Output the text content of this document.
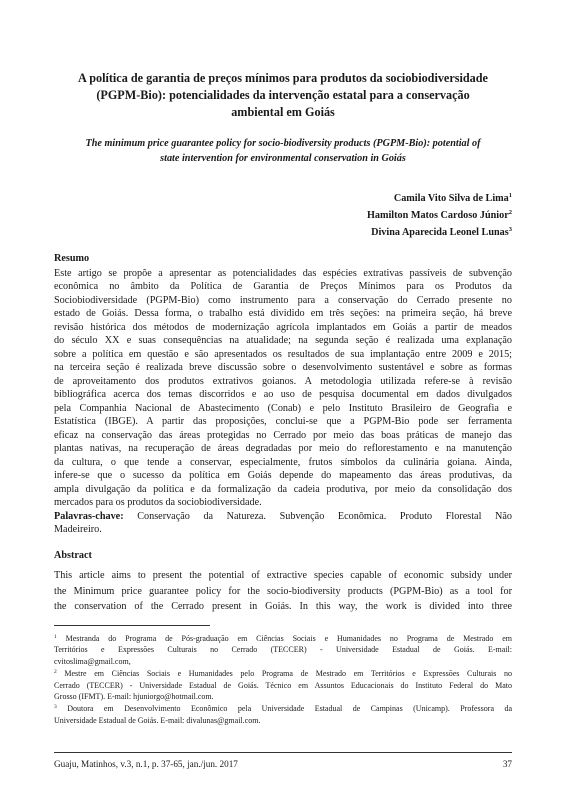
A política de garantia de preços mínimos para produtos da sociobiodiversidade
(PGPM-Bio): potencialidades da intervenção estatal para a conservação
ambiental em Goiás
The minimum price guarantee policy for socio-biodiversity products (PGPM-Bio): potential of
state intervention for environmental conservation in Goiás
Camila Vito Silva de Lima$^1$
Hamilton Matos Cardoso Júnior$^2$
Divina Aparecida Leonel Lunas$^3$
Resumo
Este artigo se propõe a apresentar as potencialidades das espécies extrativas passíveis de subvenção
econômica no âmbito da Política de Garantia de Preços Mínimos para os Produtos da
Sociobiodiversidade (PGPM-Bio) como instrumento para a conservação do Cerrado presente no
estado de Goiás. Dessa forma, o trabalho está dividido em três seções: na primeira seção, há breve
revisão histórica dos métodos de modernização agrícola implantados em Goiás a partir de meados
do século XX e suas consequências na atualidade; na segunda seção é realizada uma explanação
sobre a política em questão e são apresentados os resultados de sua implantação entre 2009 e 2015;
na terceira seção é realizada breve discussão sobre o desenvolvimento sustentável e sobre as formas
de aproveitamento dos produtos extrativos goianos. A metodologia utilizada refere-se à revisão
bibliográfica acerca dos temas discorridos e ao uso de pesquisa documental em dados divulgados
pela Companhia Nacional de Abastecimento (Conab) e pelo Instituto Brasileiro de Geografia e
Estatística (IBGE). A partir das proposições, conclui-se que a PGPM-Bio pode ser ferramenta
eficaz na conservação das áreas protegidas no Cerrado por meio das boas práticas de manejo das
plantas nativas, na recuperação de áreas degradadas por meio do reflorestamento e na manutenção
da cultura, o que tende a conservar, especialmente, frutos símbolos da culinária goiana. Ainda,
infere-se que o sucesso da política em Goiás depende do mapeamento das áreas produtivas, da
ampla divulgação da política e da formalização da cadeia produtiva, por meio da consolidação dos
mercados para os produtos da sociobiodiversidade.
Palavras-chave: Conservação da Natureza. Subvenção Econômica. Produto Florestal Não
Madeireiro.
Abstract
This article aims to present the potential of extractive species capable of economic subsidy under
the Minimum price guarantee policy for the socio-biodiversity products (PGPM-Bio) as a tool for
the conservation of the Cerrado present in Goiás. In this way, the work is divided into three
$^1$ Mestranda do Programa de Pós-graduação em Ciências Sociais e Humanidades no Programa de Mestrado em
Territórios e Expressões Culturais no Cerrado (TECCER) - Universidade Estadual de Goiás. E-mail:
cvitoslima@gmail.com,
$^2$ Mestre em Ciências Sociais e Humanidades pelo Programa de Mestrado em Territórios e Expressões Culturais no
Cerrado (TECCER) - Universidade Estadual de Goiás. Técnico em Assuntos Educacionais do Instituto Federal do Mato
Grosso (IFMT). E-mail: hjuniorgo@hotmail.com.
$^3$ Doutora em Desenvolvimento Econômico pela Universidade Estadual de Campinas (Unicamp). Professora da
Universidade Estadual de Goiás. E-mail: divalunas@gmail.com.
Guaju, Matinhos, v.3, n.1, p. 37-65, jan./jun. 2017	37
